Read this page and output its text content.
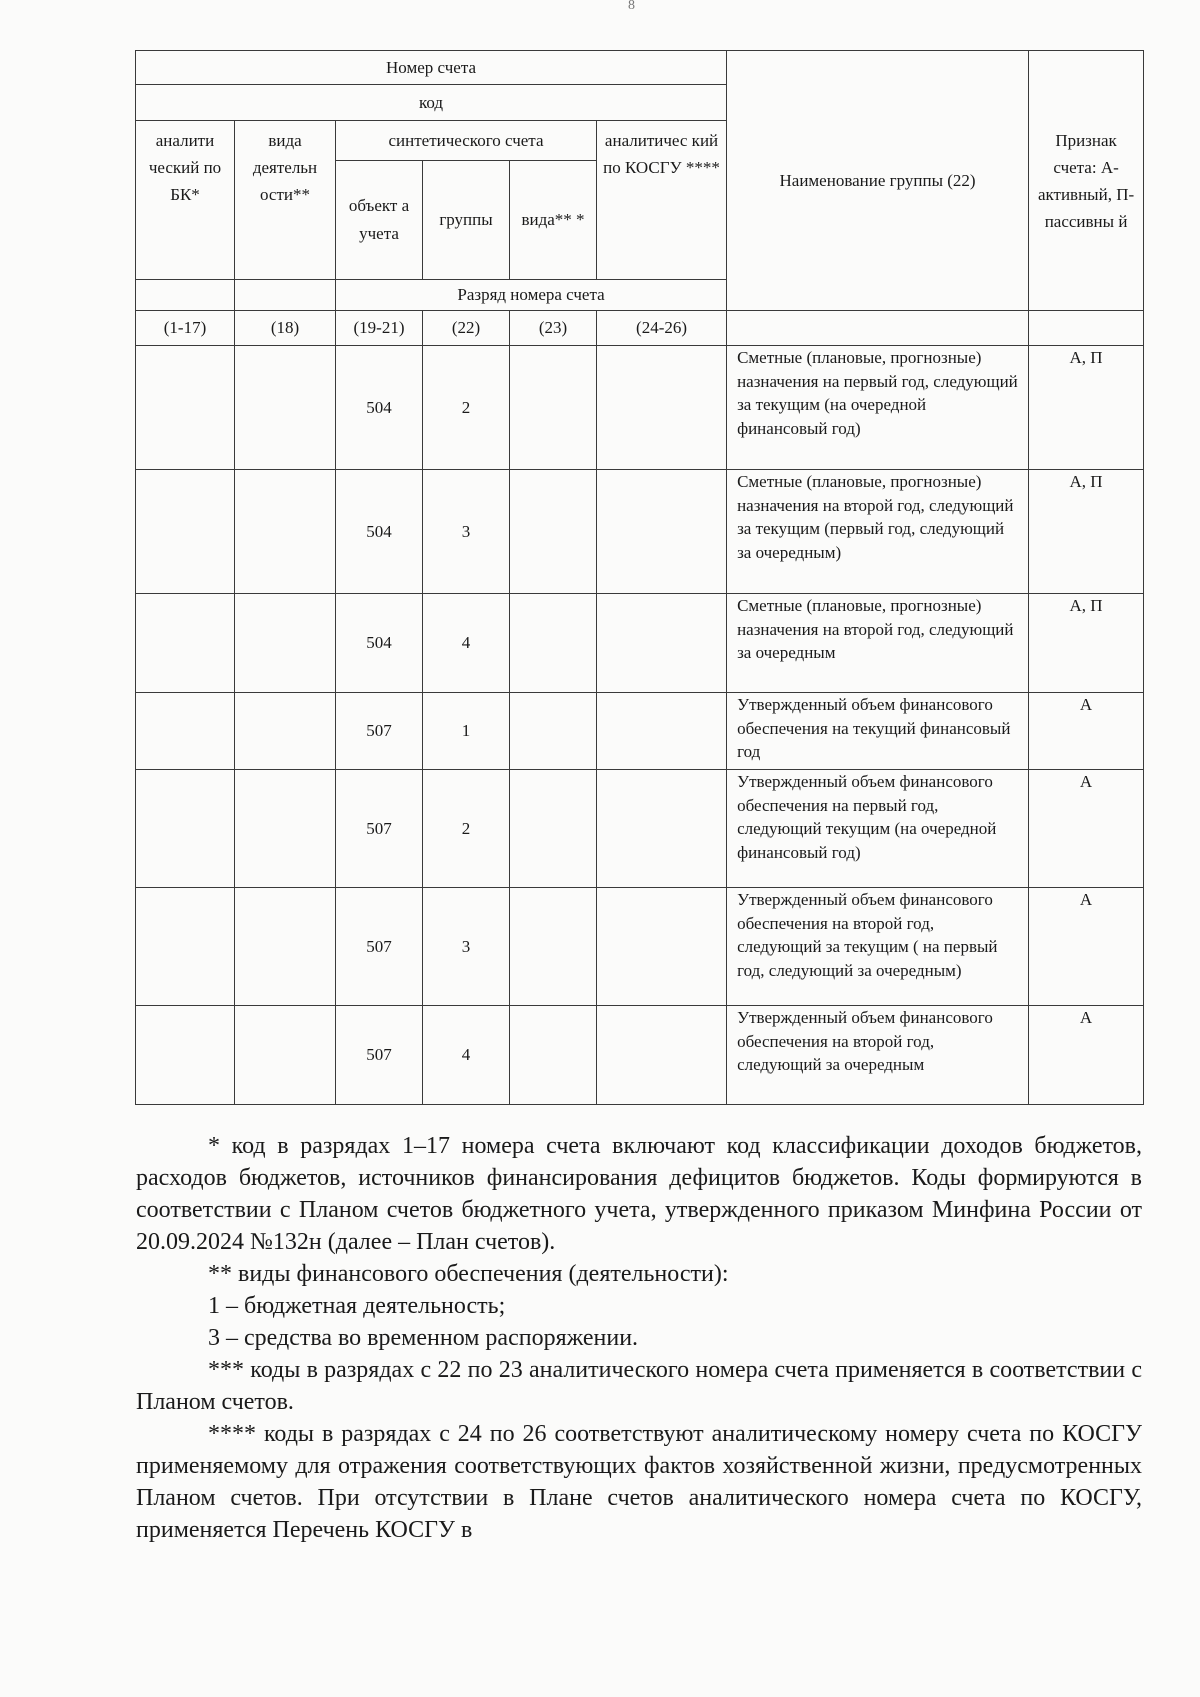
8
Номер счета						Наименование группы (22)	Признак счета: А- активный, П- пассивны й
код							
аналити ческий по БК*	вида деятельн ости**	синтетического счета			аналитичес кий по КОСГУ ****		
		объект а учета	группы	вида** *			
		Разряд номера счета					
(1-17)	(18)	(19-21)	(22)	(23)	(24-26)		
		504	2			Сметные (плановые, прогнозные) назначения на первый год, следующий за текущим (на очередной финансовый год)	А, П
		504	3			Сметные (плановые, прогнозные) назначения на второй год, следующий за текущим (первый год, следующий за очередным)	А, П
		504	4			Сметные (плановые, прогнозные) назначения на второй год, следующий за очередным	А, П
		507	1			Утвержденный объем финансового обеспечения на текущий финансовый год	А
		507	2			Утвержденный объем финансового обеспечения на первый год, следующий текущим (на очередной финансовый год)	А
		507	3			Утвержденный объем финансового обеспечения на второй год, следующий за текущим ( на первый год, следующий за очередным)	А
		507	4			Утвержденный объем финансового обеспечения на второй год, следующий за очередным	А

* код в разрядах 1–17 номера счета включают код классификации доходов бюджетов, расходов бюджетов, источников финансирования дефицитов бюджетов. Коды формируются в соответствии с Планом счетов бюджетного учета, утвержденного приказом Минфина России от 20.09.2024 №132н (далее – План счетов).

** виды финансового обеспечения (деятельности):

1 – бюджетная деятельность;

3 – средства во временном распоряжении.

*** коды в разрядах с 22 по 23 аналитического номера счета применяется в соответствии с Планом счетов.

**** коды в разрядах с 24 по 26 соответствуют аналитическому номеру счета по КОСГУ применяемому для отражения соответствующих фактов хозяйственной жизни, предусмотренных Планом счетов. При отсутствии в Плане счетов аналитического номера счета по КОСГУ, применяется Перечень КОСГУ в
